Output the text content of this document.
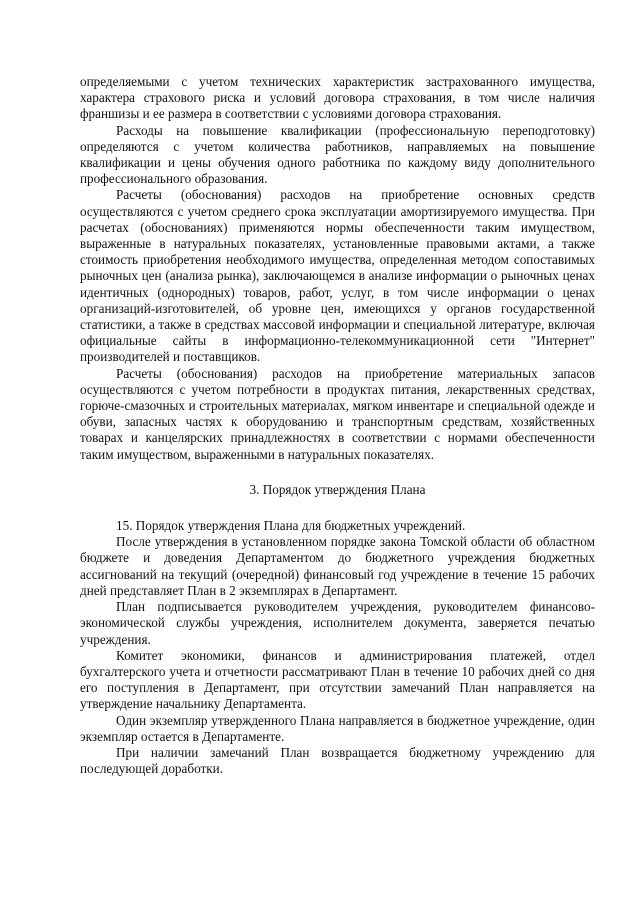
определяемыми с учетом технических характеристик застрахованного имущества, характера страхового риска и условий договора страхования, в том числе наличия франшизы и ее размера в соответствии с условиями договора страхования.

Расходы на повышение квалификации (профессиональную переподготовку) определяются с учетом количества работников, направляемых на повышение квалификации и цены обучения одного работника по каждому виду дополнительного профессионального образования.

Расчеты (обоснования) расходов на приобретение основных средств осуществляются с учетом среднего срока эксплуатации амортизируемого имущества. При расчетах (обоснованиях) применяются нормы обеспеченности таким имуществом, выраженные в натуральных показателях, установленные правовыми актами, а также стоимость приобретения необходимого имущества, определенная методом сопоставимых рыночных цен (анализа рынка), заключающемся в анализе информации о рыночных ценах идентичных (однородных) товаров, работ, услуг, в том числе информации о ценах организаций-изготовителей, об уровне цен, имеющихся у органов государственной статистики, а также в средствах массовой информации и специальной литературе, включая официальные сайты в информационно-телекоммуникационной сети "Интернет" производителей и поставщиков.

Расчеты (обоснования) расходов на приобретение материальных запасов осуществляются с учетом потребности в продуктах питания, лекарственных средствах, горюче-смазочных и строительных материалах, мягком инвентаре и специальной одежде и обуви, запасных частях к оборудованию и транспортным средствам, хозяйственных товарах и канцелярских принадлежностях в соответствии с нормами обеспеченности таким имуществом, выраженными в натуральных показателях.

3. Порядок утверждения Плана

15. Порядок утверждения Плана для бюджетных учреждений.

После утверждения в установленном порядке закона Томской области об областном бюджете и доведения Департаментом до бюджетного учреждения бюджетных ассигнований на текущий (очередной) финансовый год учреждение в течение 15 рабочих дней представляет План в 2 экземплярах в Департамент.

План подписывается руководителем учреждения, руководителем финансово-экономической службы учреждения, исполнителем документа, заверяется печатью учреждения.

Комитет экономики, финансов и администрирования платежей, отдел бухгалтерского учета и отчетности рассматривают План в течение 10 рабочих дней со дня его поступления в Департамент, при отсутствии замечаний План направляется на утверждение начальнику Департамента.

Один экземпляр утвержденного Плана направляется в бюджетное учреждение, один экземпляр остается в Департаменте.

При наличии замечаний План возвращается бюджетному учреждению для последующей доработки.
